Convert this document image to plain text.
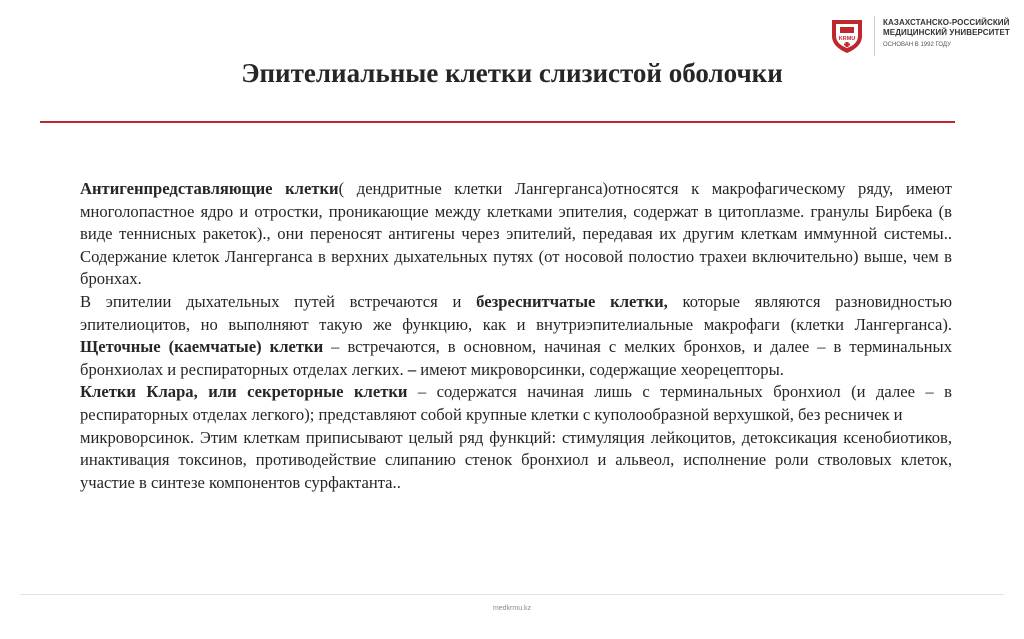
KRMU
КАЗАХСТАНСКО-РОССИЙСКИЙ
МЕДИЦИНСКИЙ УНИВЕРСИТЕТ
ОСНОВАН В 1992 ГОДУ
Эпителиальные клетки слизистой оболочки

Антигенпредставляющие клетки( дендритные клетки Лангерганса)относятся к макрофагическому ряду, имеют многолопастное ядро и отростки, проникающие между клетками эпителия, содержат в цитоплазме. гранулы Бирбека (в виде теннисных ракеток)., они переносят антигены через эпителий, передавая их другим клеткам иммунной системы.. Содержание клеток Лангерганса в верхних дыхательных путях (от носовой полостио трахеи включительно) выше, чем в бронхах.

В эпителии дыхательных путей встречаются и безреснитчатые клетки, которые являются разновидностью эпителиоцитов, но выполняют такую же функцию, как и внутриэпителиальные макрофаги (клетки Лангерганса). Щеточные (каемчатые) клетки – встречаются, в основном, начиная с мелких бронхов, и далее – в терминальных бронхиолах и респираторных отделах легких. – имеют микроворсинки, содержащие хеорецепторы.

Клетки Клара, или секреторные клетки – содержатся начиная лишь с терминальных бронхиол (и далее – в респираторных отделах легкого); представляют собой крупные клетки с куполообразной верхушкой, без ресничек и

микроворсинок. Этим клеткам приписывают целый ряд функций: стимуляция лейкоцитов, детоксикация ксенобиотиков, инактивация токсинов, противодействие слипанию стенок бронхиол и альвеол, исполнение роли стволовых клеток, участие в синтезе компонентов сурфактанта..

medkrmu.kz
